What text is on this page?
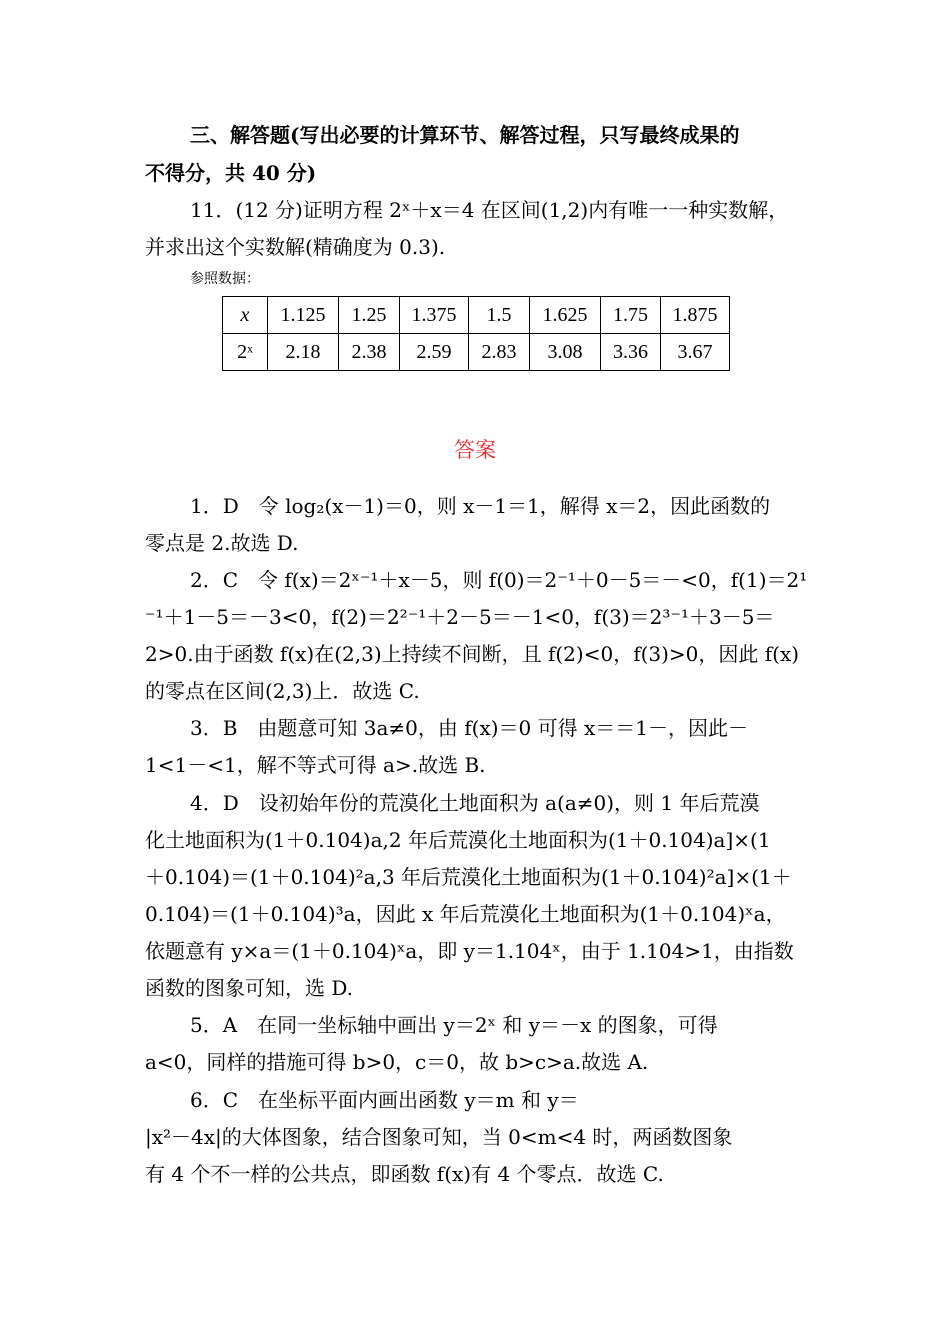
三、解答题(写出必要的计算环节、解答过程，只写最终成果的
不得分，共 40 分)
11．(12 分)证明方程 2ˣ＋x＝4 在区间(1,2)内有唯一一种实数解，
并求出这个实数解(精确度为 0.3).
参照数据：
x	1.125	1.25	1.375	1.5	1.625	1.75	1.875
2ˣ	2.18	2.38	2.59	2.83	3.08	3.36	3.67
答案
1．D　令 log₂(x－1)＝0，则 x－1＝1，解得 x＝2，因此函数的
零点是 2.故选 D.
2．C　令 f(x)＝2ˣ⁻¹＋x－5，则 f(0)＝2⁻¹＋0－5＝－<0，f(1)＝2¹
⁻¹＋1－5＝－3<0，f(2)＝2²⁻¹＋2－5＝－1<0，f(3)＝2³⁻¹＋3－5＝
2>0.由于函数 f(x)在(2,3)上持续不间断，且 f(2)<0，f(3)>0，因此 f(x)
的零点在区间(2,3)上．故选 C.
3．B　由题意可知 3a≠0，由 f(x)＝0 可得 x＝＝1－，因此－
1<1－<1，解不等式可得 a>.故选 B.
4．D　设初始年份的荒漠化土地面积为 a(a≠0)，则 1 年后荒漠
化土地面积为(1＋0.104)a,2 年后荒漠化土地面积为(1＋0.104)a]×(1
＋0.104)＝(1＋0.104)²a,3 年后荒漠化土地面积为(1＋0.104)²a]×(1＋
0.104)＝(1＋0.104)³a，因此 x 年后荒漠化土地面积为(1＋0.104)ˣa，
依题意有 y×a＝(1＋0.104)ˣa，即 y＝1.104ˣ，由于 1.104>1，由指数
函数的图象可知，选 D.
5．A　在同一坐标轴中画出 y＝2ˣ 和 y＝－x 的图象，可得
a<0，同样的措施可得 b>0，c＝0，故 b>c>a.故选 A.
6．C　在坐标平面内画出函数 y＝m 和 y＝
|x²－4x|的大体图象，结合图象可知，当 0<m<4 时，两函数图象
有 4 个不一样的公共点，即函数 f(x)有 4 个零点．故选 C.
